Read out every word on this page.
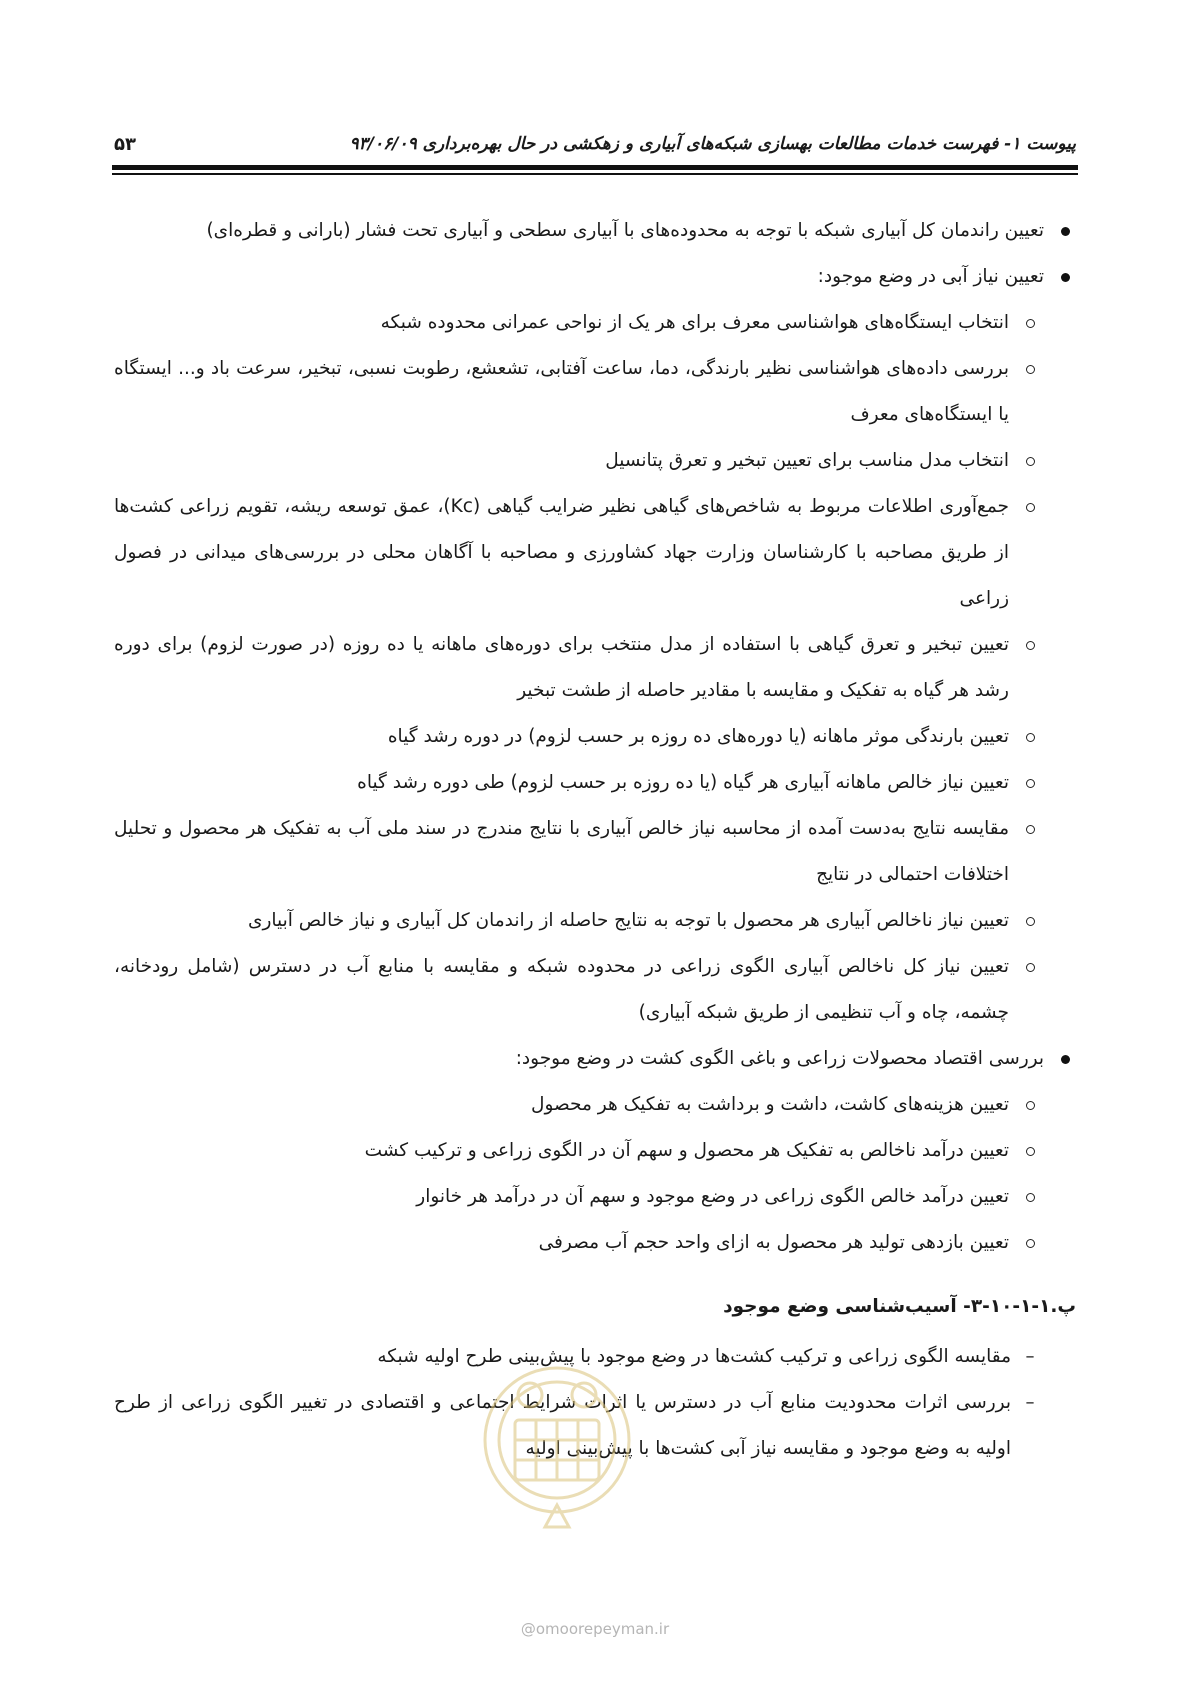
پیوست ۱- فهرست خدمات مطالعات بهسازی شبکه‌های آبیاری و زهکشی در حال بهره‌برداری ۹۳/۰۶/۰۹
۵۳
تعیین راندمان کل آبیاری شبکه با توجه به محدوده‌های با آبیاری سطحی و آبیاری تحت فشار (بارانی و قطره‌ای)
تعیین نیاز آبی در وضع موجود:
انتخاب ایستگاه‌های هواشناسی معرف برای هر یک از نواحی عمرانی محدوده شبکه
بررسی داده‌های هواشناسی نظیر بارندگی، دما، ساعت آفتابی، تشعشع، رطوبت نسبی، تبخیر، سرعت باد و... ایستگاه یا ایستگاه‌های معرف
انتخاب مدل مناسب برای تعیین تبخیر و تعرق پتانسیل
جمع‌آوری اطلاعات مربوط به شاخص‌های گیاهی نظیر ضرایب گیاهی (Kc)، عمق توسعه ریشه، تقویم زراعی کشت‌ها از طریق مصاحبه با کارشناسان وزارت جهاد کشاورزی و مصاحبه با آگاهان محلی در بررسی‌های میدانی در فصول زراعی
تعیین تبخیر و تعرق گیاهی با استفاده از مدل منتخب برای دوره‌های ماهانه یا ده روزه (در صورت لزوم) برای دوره رشد هر گیاه به تفکیک و مقایسه با مقادیر حاصله از طشت تبخیر
تعیین بارندگی موثر ماهانه (یا دوره‌های ده روزه بر حسب لزوم) در دوره رشد گیاه
تعیین نیاز خالص ماهانه آبیاری هر گیاه (یا ده روزه بر حسب لزوم) طی دوره رشد گیاه
مقایسه نتایج به‌دست آمده از محاسبه نیاز خالص آبیاری با نتایج مندرج در سند ملی آب به تفکیک هر محصول و تحلیل اختلافات احتمالی در نتایج
تعیین نیاز ناخالص آبیاری هر محصول با توجه به نتایج حاصله از راندمان کل آبیاری و نیاز خالص آبیاری
تعیین نیاز کل ناخالص آبیاری الگوی زراعی در محدوده شبکه و مقایسه با منابع آب در دسترس (شامل رودخانه، چشمه، چاه و آب تنظیمی از طریق شبکه آبیاری)
بررسی اقتصاد محصولات زراعی و باغی الگوی کشت در وضع موجود:
تعیین هزینه‌های کاشت، داشت و برداشت به تفکیک هر محصول
تعیین درآمد ناخالص به تفکیک هر محصول و سهم آن در الگوی زراعی و ترکیب کشت
تعیین درآمد خالص الگوی زراعی در وضع موجود و سهم آن در درآمد هر خانوار
تعیین بازدهی تولید هر محصول به ازای واحد حجم آب مصرفی
پ.۱-۱-۱۰-۳- آسیب‌شناسی وضع موجود
–
مقایسه الگوی زراعی و ترکیب کشت‌ها در وضع موجود با پیش‌بینی طرح اولیه شبکه
–
بررسی اثرات محدودیت منابع آب در دسترس یا اثرات شرایط اجتماعی و اقتصادی در تغییر الگوی زراعی از طرح اولیه به وضع موجود و مقایسه نیاز آبی کشت‌ها با پیش‌بینی اولیه
@omoorepeyman.ir
